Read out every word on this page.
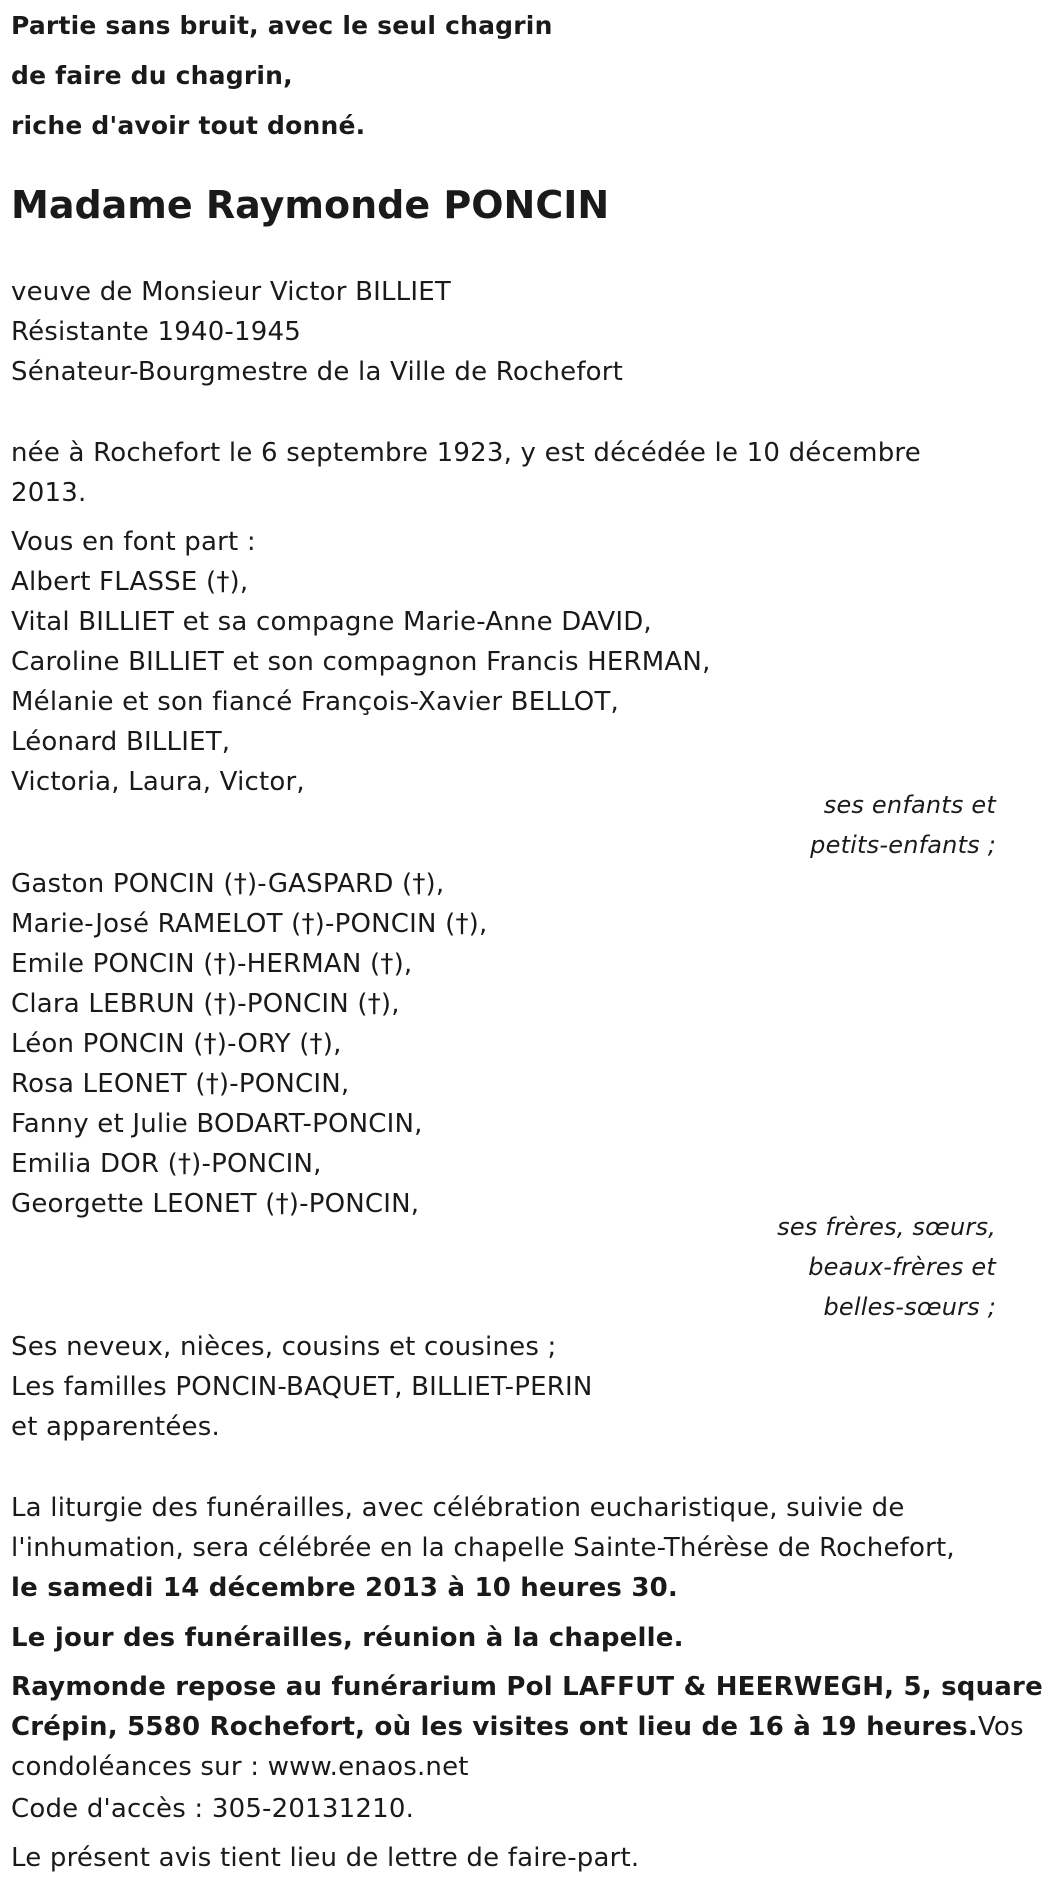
Partie sans bruit, avec le seul chagrin
de faire du chagrin,
riche d'avoir tout donné.
Madame Raymonde PONCIN
veuve de Monsieur Victor BILLIET
Résistante 1940-1945
Sénateur-Bourgmestre de la Ville de Rochefort
née à Rochefort le 6 septembre 1923, y est décédée le 10 décembre
2013.
Vous en font part :
Albert FLASSE (†),
Vital BILLIET et sa compagne Marie-Anne DAVID,
Caroline BILLIET et son compagnon Francis HERMAN,
Mélanie et son fiancé François-Xavier BELLOT,
Léonard BILLIET,
Victoria, Laura, Victor,
ses enfants et
petits-enfants ;
Gaston PONCIN (†)-GASPARD (†),
Marie-José RAMELOT (†)-PONCIN (†),
Emile PONCIN (†)-HERMAN (†),
Clara LEBRUN (†)-PONCIN (†),
Léon PONCIN (†)-ORY (†),
Rosa LEONET (†)-PONCIN,
Fanny et Julie BODART-PONCIN,
Emilia DOR (†)-PONCIN,
Georgette LEONET (†)-PONCIN,
ses frères, sœurs,
beaux-frères et
belles-sœurs ;
Ses neveux, nièces, cousins et cousines ;
Les familles PONCIN-BAQUET, BILLIET-PERIN
et apparentées.
La liturgie des funérailles, avec célébration eucharistique, suivie de
l'inhumation, sera célébrée en la chapelle Sainte-Thérèse de Rochefort,
le samedi 14 décembre 2013 à 10 heures 30.
Le jour des funérailles, réunion à la chapelle.
Raymonde repose au funérarium Pol LAFFUT & HEERWEGH, 5, square
Crépin, 5580 Rochefort, où les visites ont lieu de 16 à 19 heures.Vos
condoléances sur : www.enaos.net
Code d'accès : 305-20131210.
Le présent avis tient lieu de lettre de faire-part.
